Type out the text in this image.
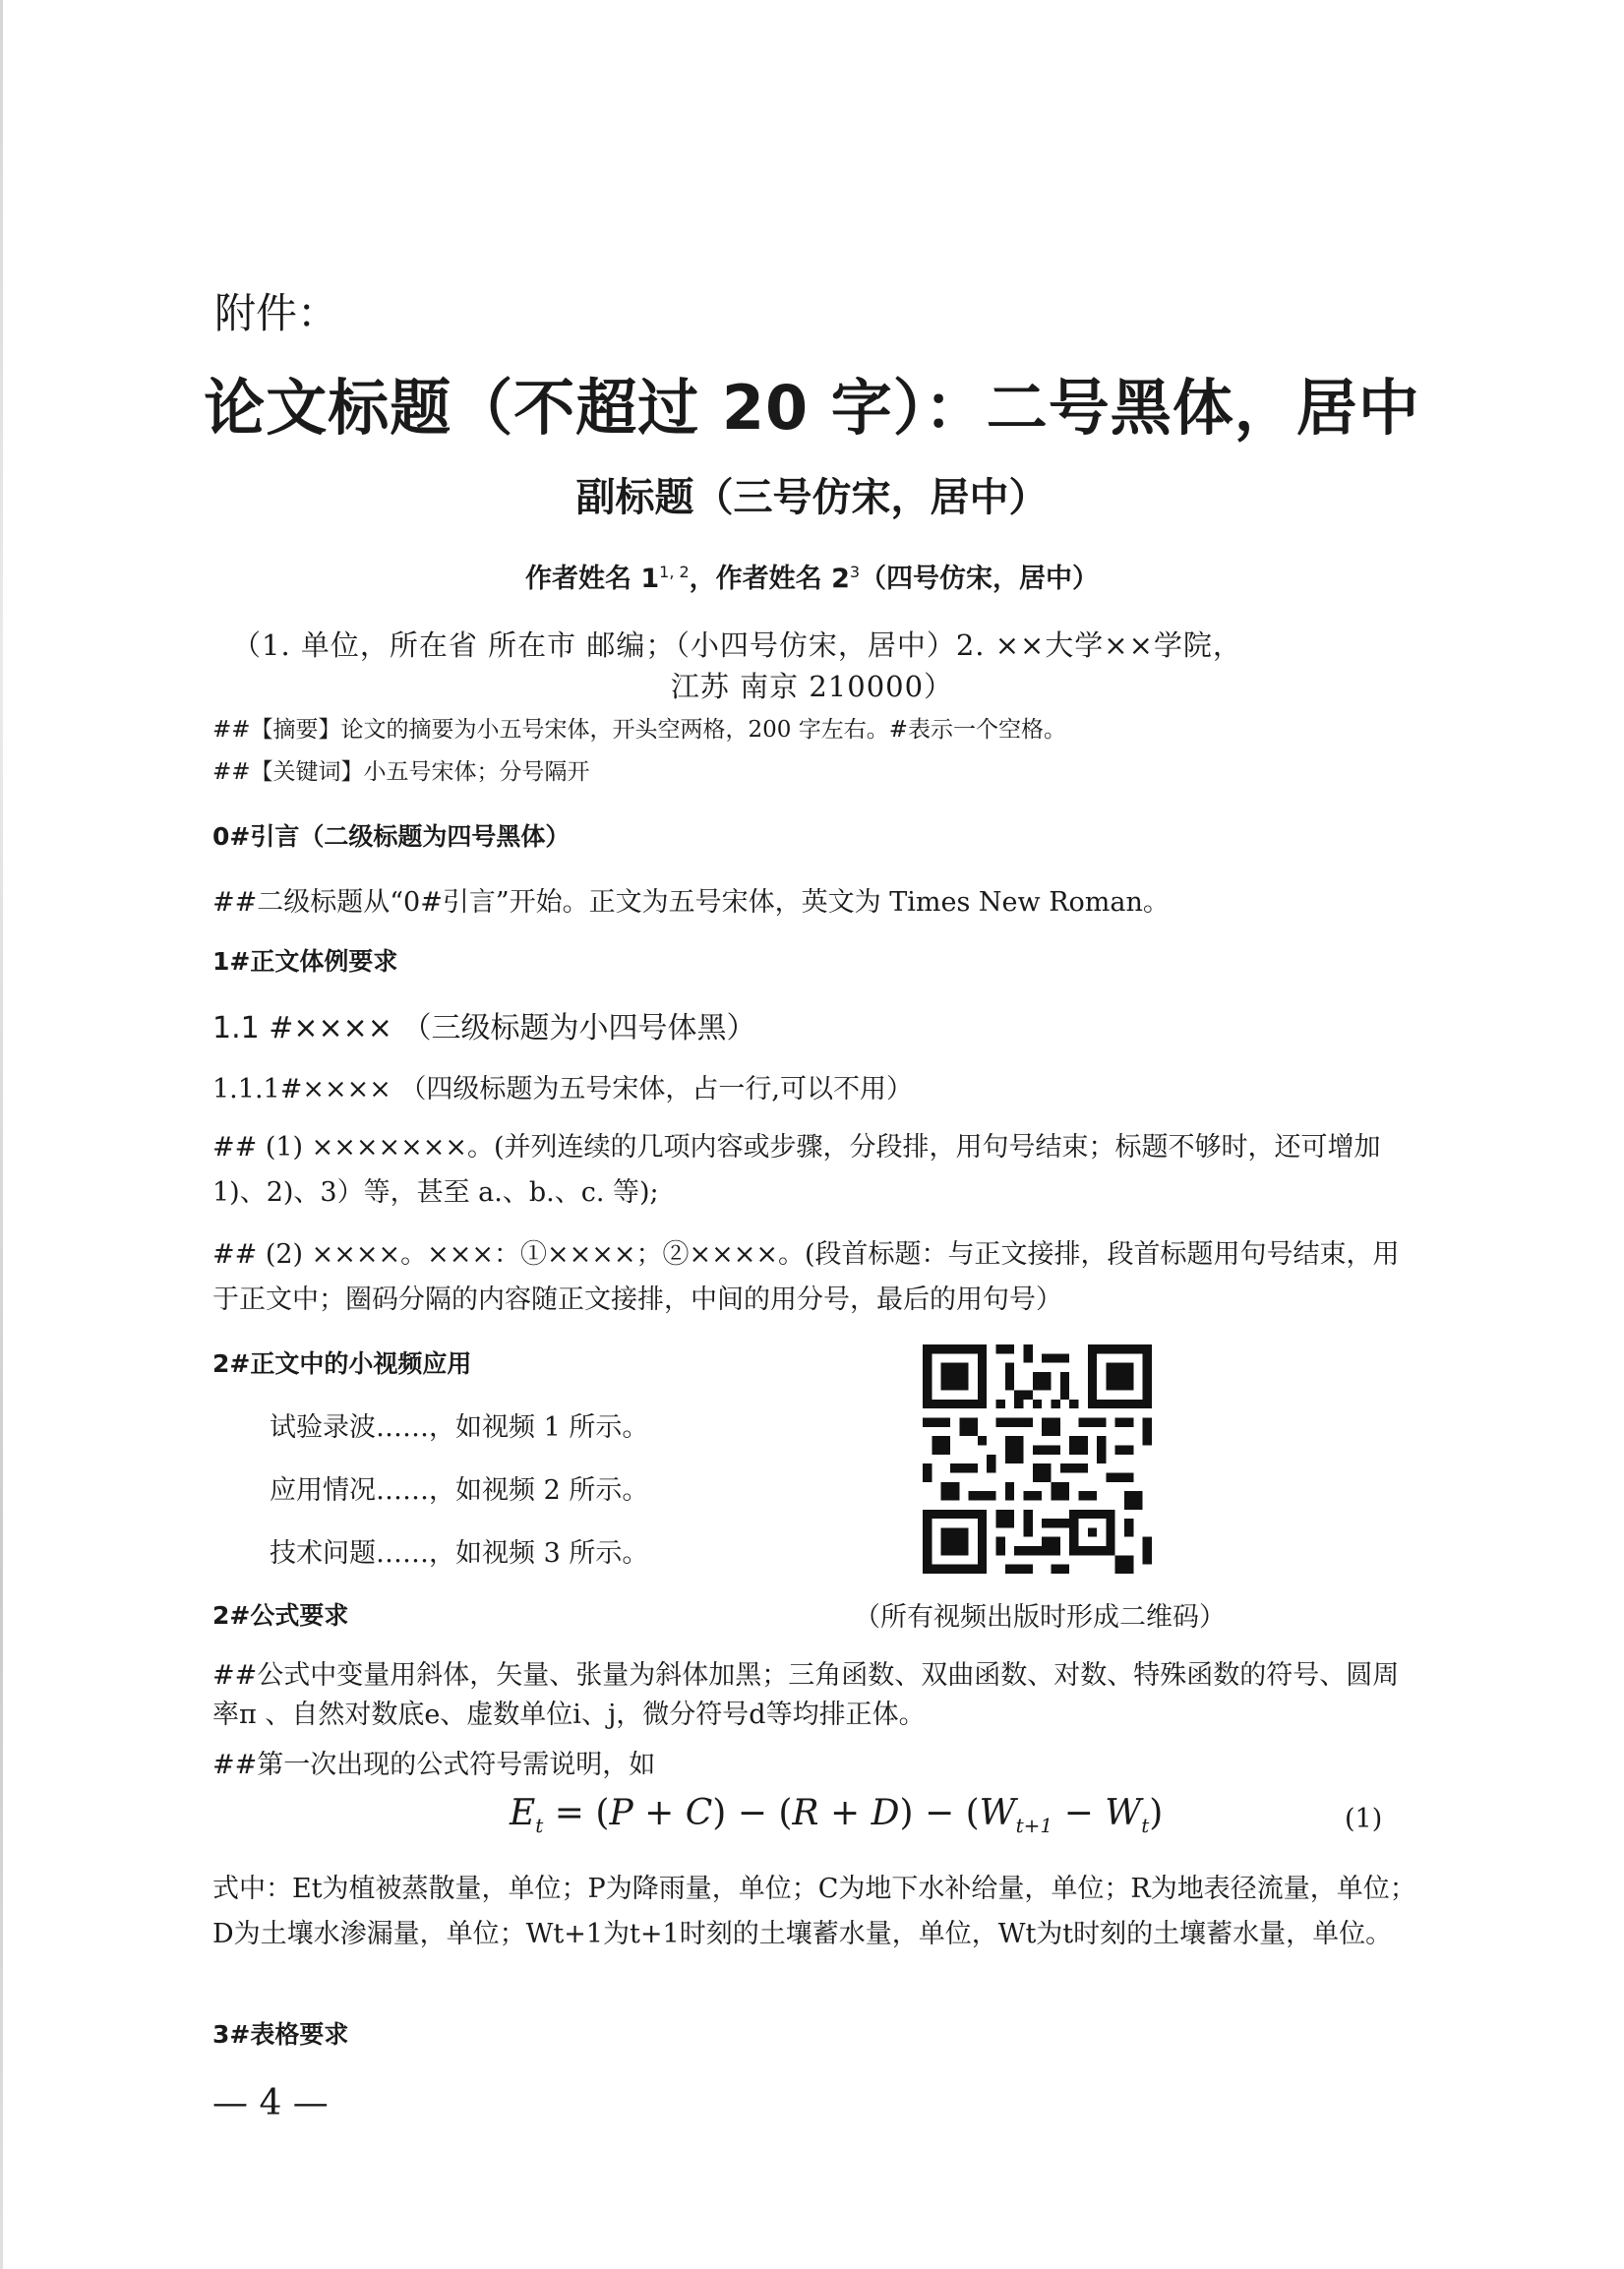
附件：
论文标题（不超过 20 字）：二号黑体，居中
副标题（三号仿宋，居中）
作者姓名 1$^{1, 2}$，作者姓名 $2^3$（四号仿宋，居中）
（1. 单位，所在省 所在市 邮编；（小四号仿宋，居中）2. ××大学××学院，
江苏 南京 210000）
##【摘要】论文的摘要为小五号宋体，开头空两格，200 字左右。#表示一个空格。
##【关键词】小五号宋体；分号隔开
0#引言（二级标题为四号黑体）
##二级标题从“0#引言”开始。正文为五号宋体，英文为 Times New Roman。
1#正文体例要求
1.1 #×××× （三级标题为小四号体黑）
1.1.1#×××× （四级标题为五号宋体，占一行,可以不用）
## (1) ×××××××。(并列连续的几项内容或步骤，分段排，用句号结束；标题不够时，还可增加 1)、2)、3）等，甚至 a.、b.、c. 等);
## (2) ××××。×××：①××××；②××××。(段首标题：与正文接排，段首标题用句号结束，用于正文中；圈码分隔的内容随正文接排，中间的用分号，最后的用句号）
2#正文中的小视频应用
试验录波……，如视频 1 所示。
应用情况……，如视频 2 所示。
技术问题……，如视频 3 所示。
2#公式要求	（所有视频出版时形成二维码）
##公式中变量用斜体，矢量、张量为斜体加黑；三角函数、双曲函数、对数、特殊函数的符号、圆周率π 、自然对数底e、虚数单位i、j，微分符号d等均排正体。
##第一次出现的公式符号需说明，如
$E_t = (P + C) - (R + D) - (W_{t+1} - W_t)$	(1)
式中：Et为植被蒸散量，单位；P为降雨量，单位；C为地下水补给量，单位；R为地表径流量，单位；D为土壤水渗漏量，单位；Wt+1为t+1时刻的土壤蓄水量，单位，Wt为t时刻的土壤蓄水量，单位。
3#表格要求
— 4 —
